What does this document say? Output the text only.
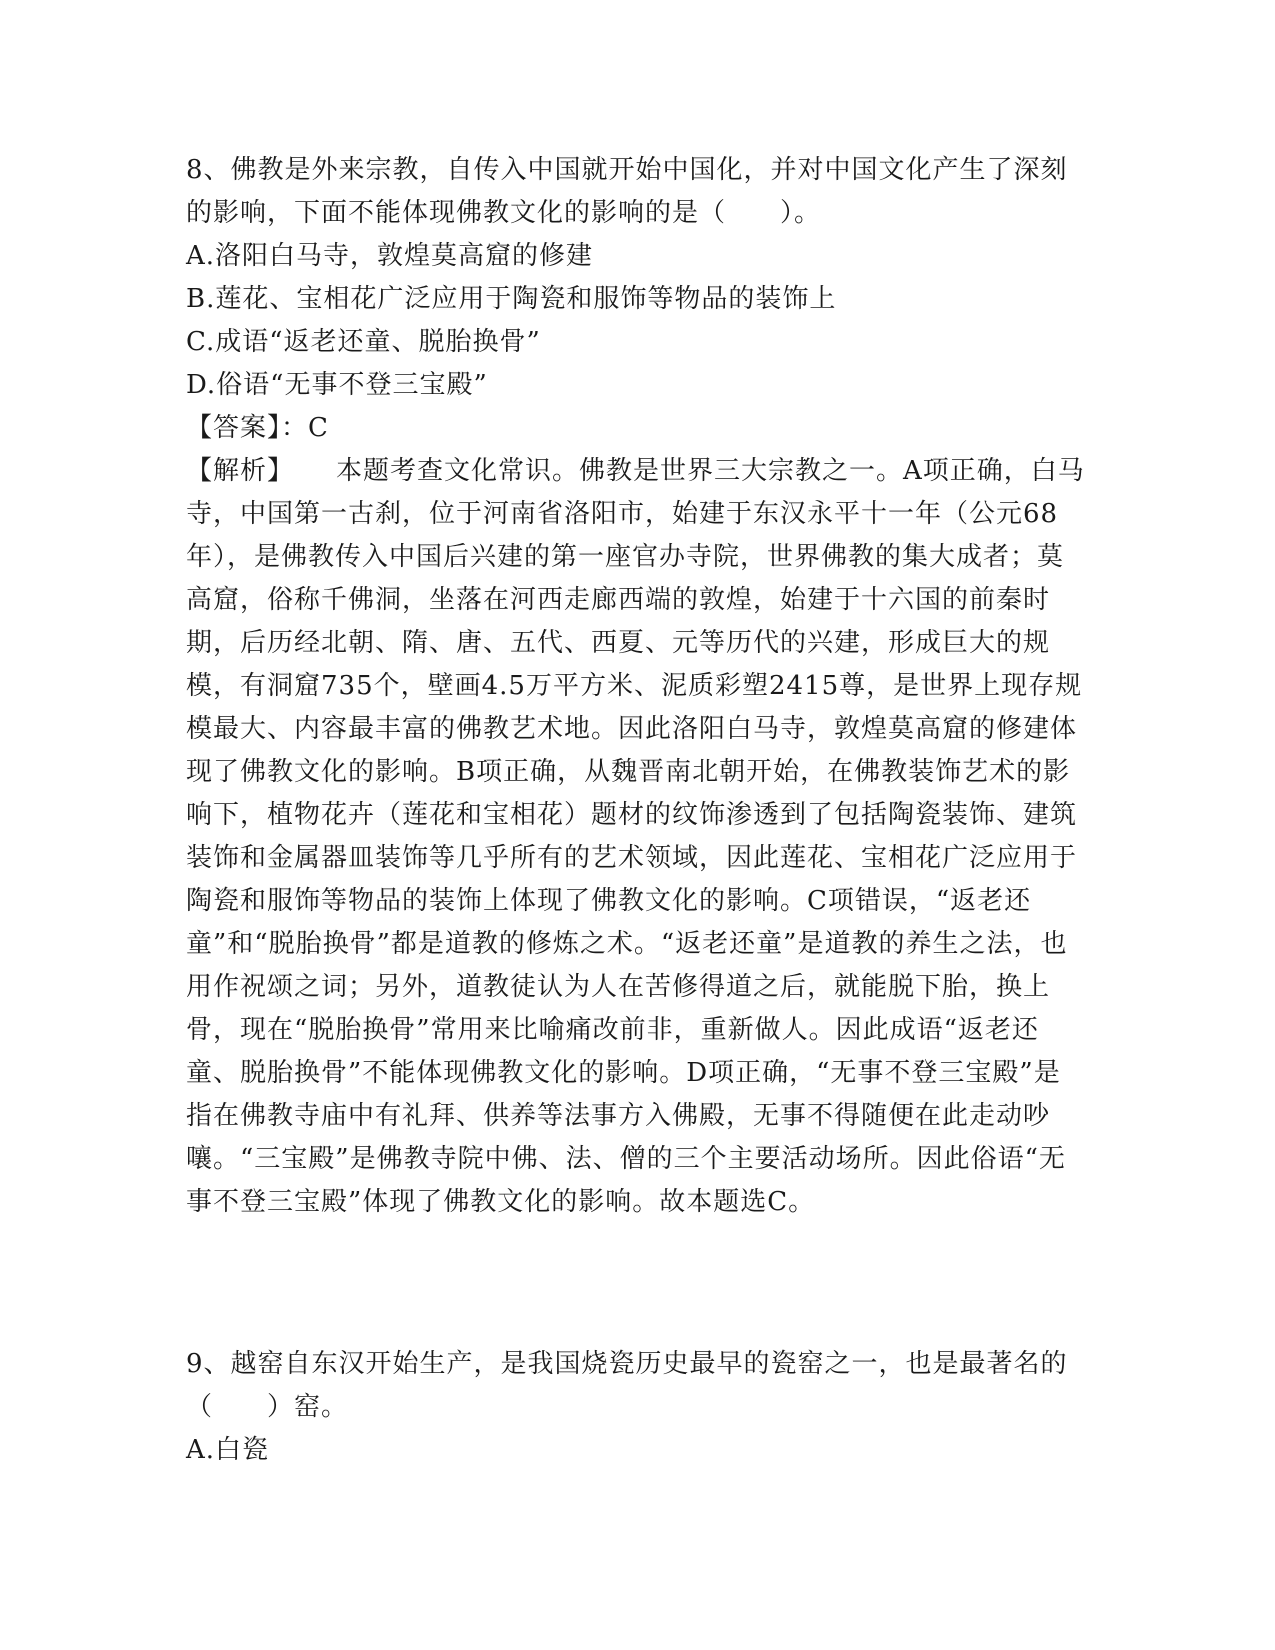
8、佛教是外来宗教，自传入中国就开始中国化，并对中国文化产生了深刻的影响，下面不能体现佛教文化的影响的是（　　）。

A.洛阳白马寺，敦煌莫高窟的修建

B.莲花、宝相花广泛应用于陶瓷和服饰等物品的装饰上

C.成语“返老还童、脱胎换骨”

D.俗语“无事不登三宝殿”

【答案】：C

【解析】 本题考查文化常识。佛教是世界三大宗教之一。A项正确，白马寺，中国第一古刹，位于河南省洛阳市，始建于东汉永平十一年（公元68年），是佛教传入中国后兴建的第一座官办寺院，世界佛教的集大成者；莫高窟，俗称千佛洞，坐落在河西走廊西端的敦煌，始建于十六国的前秦时期，后历经北朝、隋、唐、五代、西夏、元等历代的兴建，形成巨大的规模，有洞窟735个，壁画4.5万平方米、泥质彩塑2415尊，是世界上现存规模最大、内容最丰富的佛教艺术地。因此洛阳白马寺，敦煌莫高窟的修建体现了佛教文化的影响。B项正确，从魏晋南北朝开始，在佛教装饰艺术的影响下，植物花卉（莲花和宝相花）题材的纹饰渗透到了包括陶瓷装饰、建筑装饰和金属器皿装饰等几乎所有的艺术领域，因此莲花、宝相花广泛应用于陶瓷和服饰等物品的装饰上体现了佛教文化的影响。C项错误，“返老还童”和“脱胎换骨”都是道教的修炼之术。“返老还童”是道教的养生之法，也用作祝颂之词；另外，道教徒认为人在苦修得道之后，就能脱下胎，换上骨，现在“脱胎换骨”常用来比喻痛改前非，重新做人。因此成语“返老还童、脱胎换骨”不能体现佛教文化的影响。D项正确，“无事不登三宝殿”是指在佛教寺庙中有礼拜、供养等法事方入佛殿，无事不得随便在此走动吵嚷。“三宝殿”是佛教寺院中佛、法、僧的三个主要活动场所。因此俗语“无事不登三宝殿”体现了佛教文化的影响。故本题选C。

9、越窑自东汉开始生产，是我国烧瓷历史最早的瓷窑之一，也是最著名的（　　）窑。

A.白瓷
